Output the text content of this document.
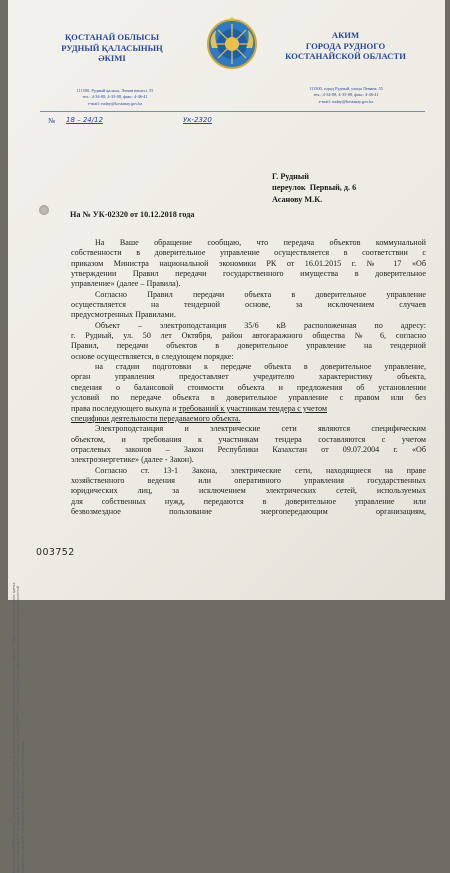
ҚОСТАНАЙ ОБЛЫСЫ
РУДНЫЙ ҚАЛАСЫНЫҢ
ӘКІМІ
АКИМ
ГОРОДА РУДНОГО
КОСТАНАЙСКОЙ ОБЛАСТИ
111500, Рудный қаласы, Ленин көшесі, 55
тел.: 4-34-08, 4-35-08, факс: 4-46-41
e-mail: rudny@kostanay.gov.kz
111500, город Рудный, улица Ленина, 55
тел.: 4-34-08, 4-35-08, факс: 4-46-41
e-mail: rudny@kostanay.gov.kz
№ 18 – 24/12	Ук-2320
Г. Рудный
переулок  Первый, д. 6
Асанову М.К.
На № УК-02320 от 10.12.2018 года
На Ваше обращение сообщаю, что передача объектов коммунальной
собственности в доверительное управление осуществляется в соответствии с
приказом Министра национальной экономики РК от 16.01.2015 г. № 17 «Об
утверждении Правил передачи государственного имущества в доверительное
управление» (далее – Правила).
Согласно Правил передачи объекта в доверительное управление
осуществляется на тендерной основе, за исключением случаев
предусмотренных Правилами.
Объект – электроподстанция 35/6 кВ расположенная по адресу:
г. Рудный, ул. 50 лет Октября, район автогаражного общества № 6, согласно
Правил, передачи объектов в доверительное управление на тендерной
основе осуществляется, в следующем порядке:
на стадии подготовки к передаче объекта в доверительное управление,
орган управления предоставляет учредителю характеристику объекта,
сведения о балансовой стоимости объекта и предложения об установлении
условий по передаче объекта в доверительное управление с правом или без
права последующего выкупа и требований к участникам тендера с учетом
специфики деятельности передаваемого объекта.
Электроподстанция и электрические сети являются специфическим
объектом, и требования к участникам тендера составляются с учетом
отраслевых законов – Закон Республики Казахстан от 09.07.2004 г. «Об
электроэнергетике» (далее - Закон).
Согласно ст. 13-1 Закона, электрические сети, находящиеся на праве
хозяйственного ведения или оперативного управления государственных
юридических лиц, за исключением электрических сетей, используемых
для собственных нужд, передаются в доверительное управление или
безвозмездное пользование энергопередающим организациям,
Бұл құжат ҚР 2003 жылғы 7 қаңтардағы «Электронды құжат және электрондық цифрлық қолтаңба туралы» заңның 7 бабы 1 тармағына сәйкес қағаз тасығыштағы құжатпен бірдей. Данный документ согласно пункту 1 статьи 7 ЗРК от 7 января 2003 года «Об электронном документе и электронной цифровой подписи» равнозначен документу на бумажном носителе.
003752
